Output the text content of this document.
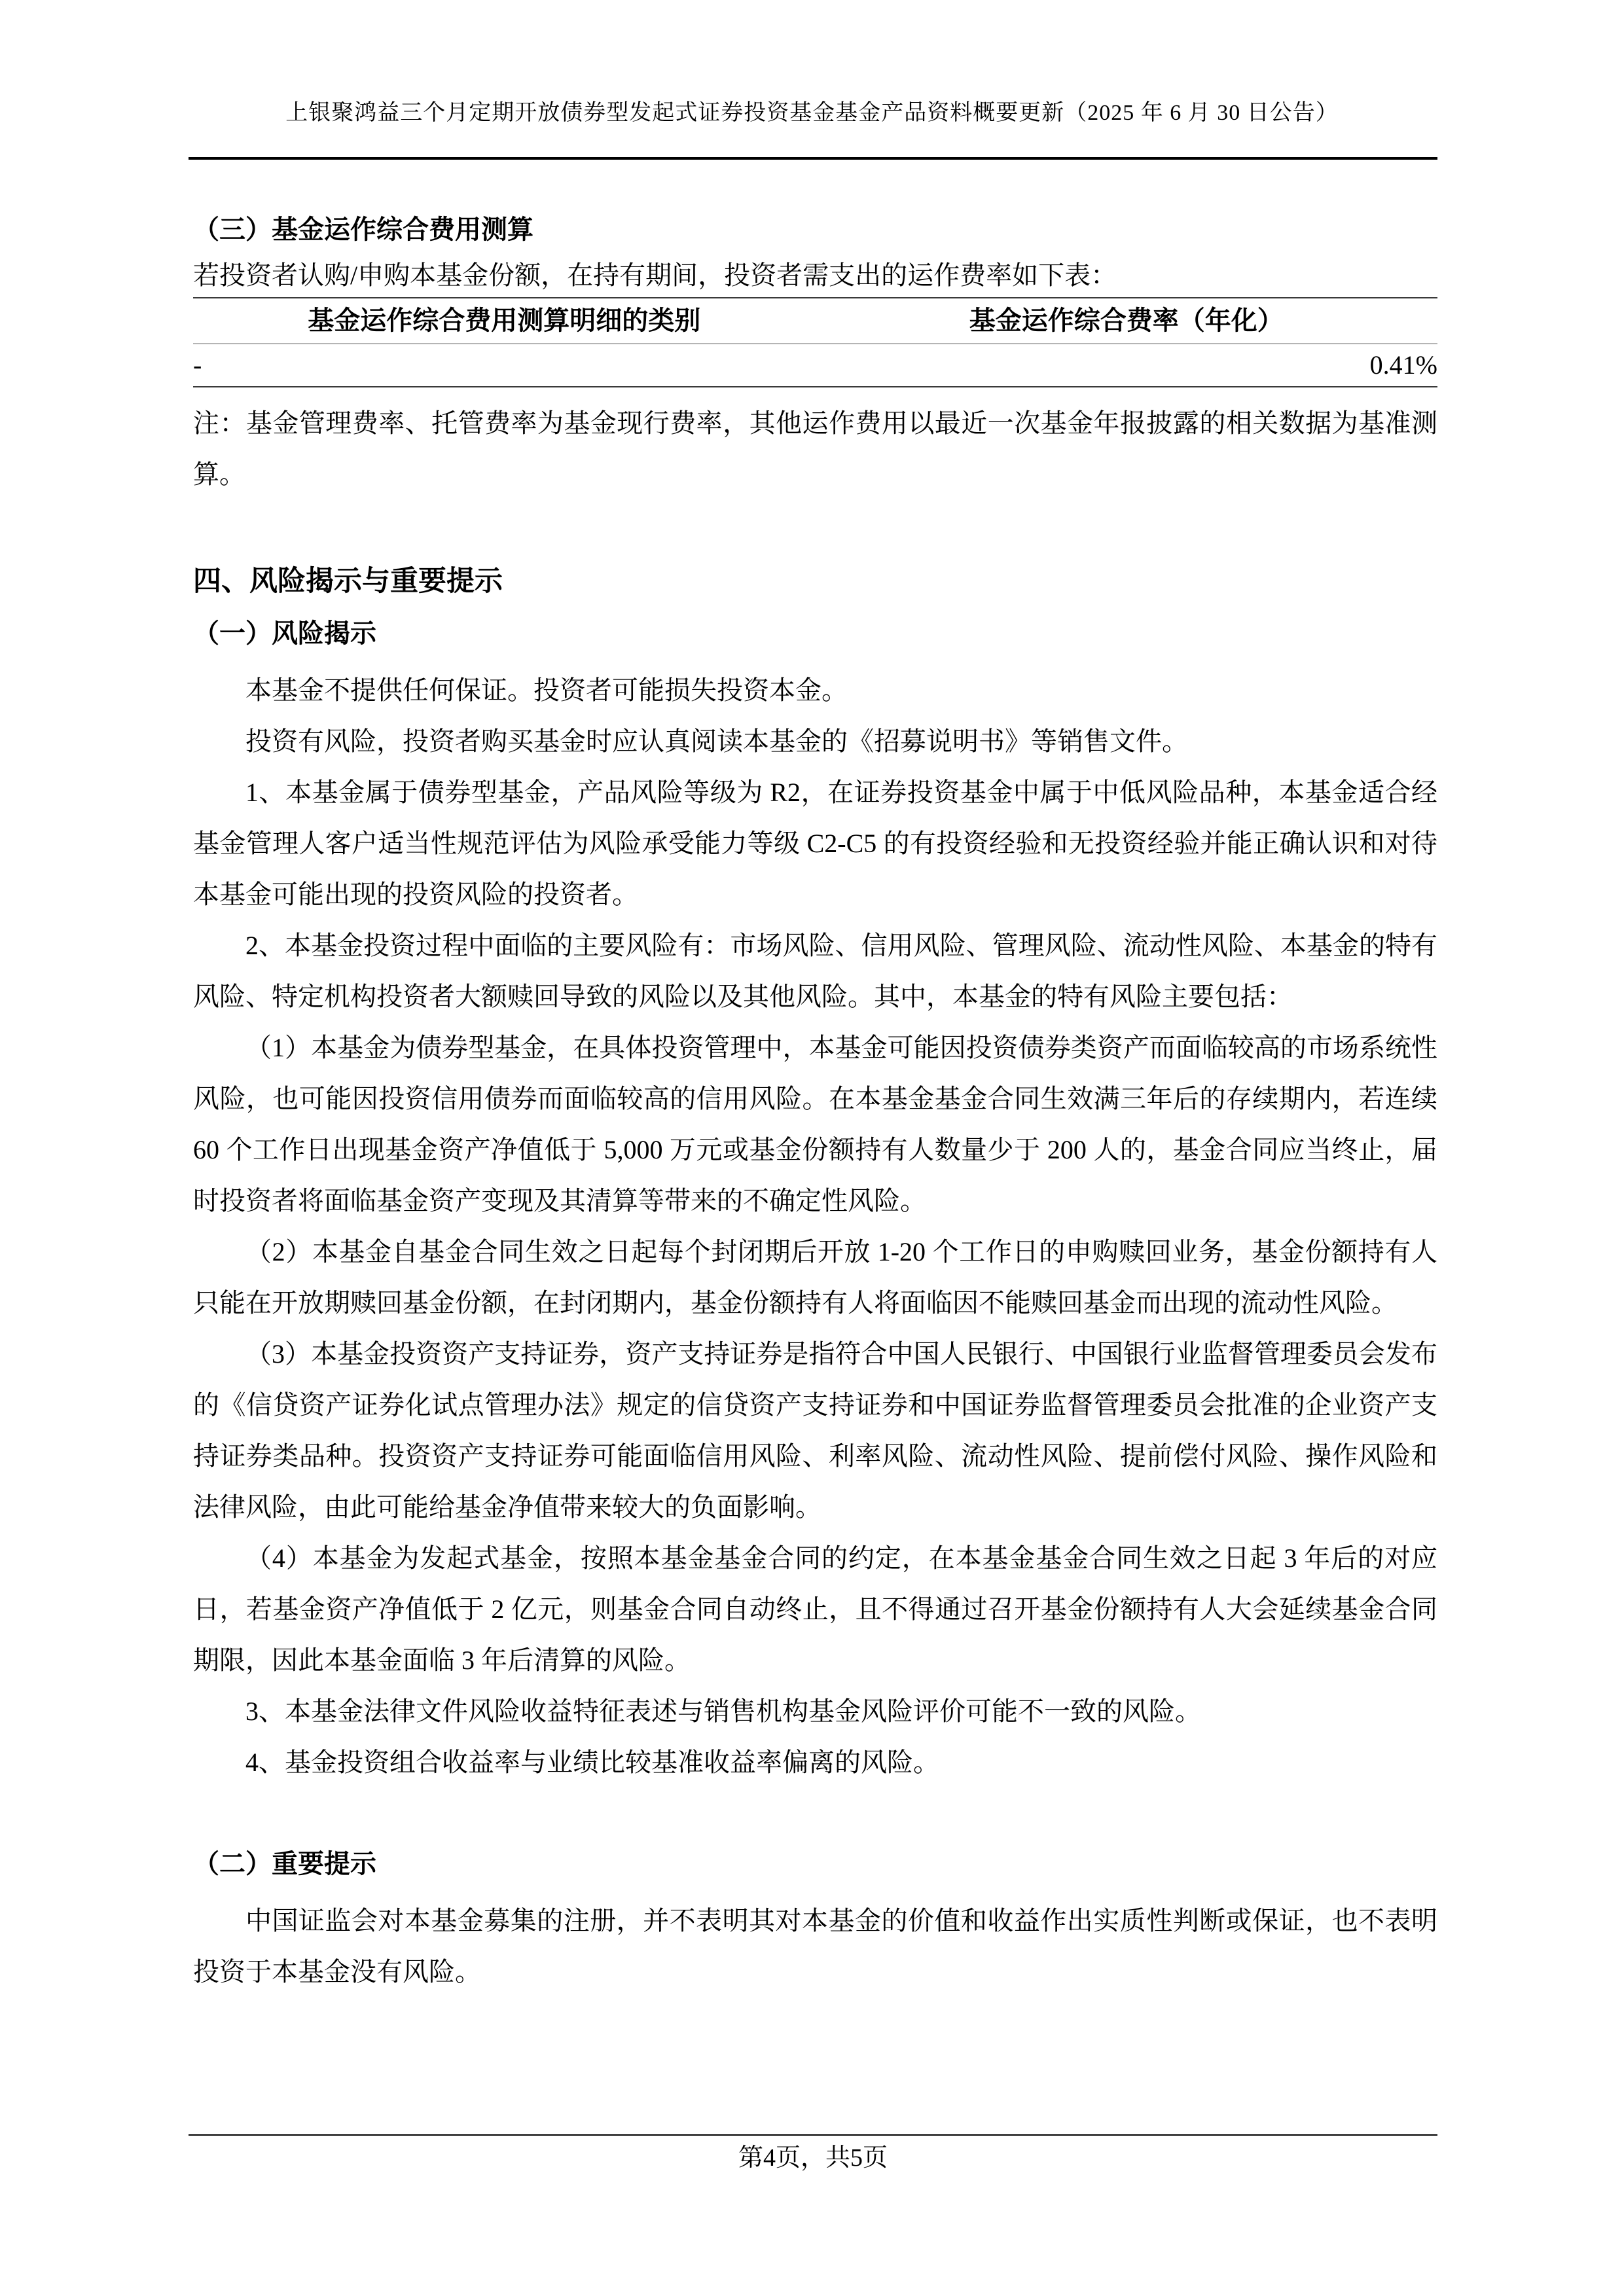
上银聚鸿益三个月定期开放债券型发起式证券投资基金基金产品资料概要更新（2025 年 6 月 30 日公告）
（三）基金运作综合费用测算

若投资者认购/申购本基金份额，在持有期间，投资者需支出的运作费率如下表：

基金运作综合费用测算明细的类别	基金运作综合费率（年化）
-	0.41%

注：基金管理费率、托管费率为基金现行费率，其他运作费用以最近一次基金年报披露的相关数据为基准测算。

四、风险揭示与重要提示
（一）风险揭示

本基金不提供任何保证。投资者可能损失投资本金。

投资有风险，投资者购买基金时应认真阅读本基金的《招募说明书》等销售文件。

1、本基金属于债券型基金，产品风险等级为 R2，在证券投资基金中属于中低风险品种，本基金适合经基金管理人客户适当性规范评估为风险承受能力等级 C2-C5 的有投资经验和无投资经验并能正确认识和对待本基金可能出现的投资风险的投资者。

2、本基金投资过程中面临的主要风险有：市场风险、信用风险、管理风险、流动性风险、本基金的特有风险、特定机构投资者大额赎回导致的风险以及其他风险。其中，本基金的特有风险主要包括：

（1）本基金为债券型基金，在具体投资管理中，本基金可能因投资债券类资产而面临较高的市场系统性风险，也可能因投资信用债券而面临较高的信用风险。在本基金基金合同生效满三年后的存续期内，若连续 60 个工作日出现基金资产净值低于 5,000 万元或基金份额持有人数量少于 200 人的，基金合同应当终止，届时投资者将面临基金资产变现及其清算等带来的不确定性风险。

（2）本基金自基金合同生效之日起每个封闭期后开放 1-20 个工作日的申购赎回业务，基金份额持有人只能在开放期赎回基金份额，在封闭期内，基金份额持有人将面临因不能赎回基金而出现的流动性风险。

（3）本基金投资资产支持证券，资产支持证券是指符合中国人民银行、中国银行业监督管理委员会发布的《信贷资产证券化试点管理办法》规定的信贷资产支持证券和中国证券监督管理委员会批准的企业资产支持证券类品种。投资资产支持证券可能面临信用风险、利率风险、流动性风险、提前偿付风险、操作风险和法律风险，由此可能给基金净值带来较大的负面影响。

（4）本基金为发起式基金，按照本基金基金合同的约定，在本基金基金合同生效之日起 3 年后的对应日，若基金资产净值低于 2 亿元，则基金合同自动终止，且不得通过召开基金份额持有人大会延续基金合同期限，因此本基金面临 3 年后清算的风险。

3、本基金法律文件风险收益特征表述与销售机构基金风险评价可能不一致的风险。

4、基金投资组合收益率与业绩比较基准收益率偏离的风险。

（二）重要提示

中国证监会对本基金募集的注册，并不表明其对本基金的价值和收益作出实质性判断或保证，也不表明投资于本基金没有风险。

第4页，共5页
